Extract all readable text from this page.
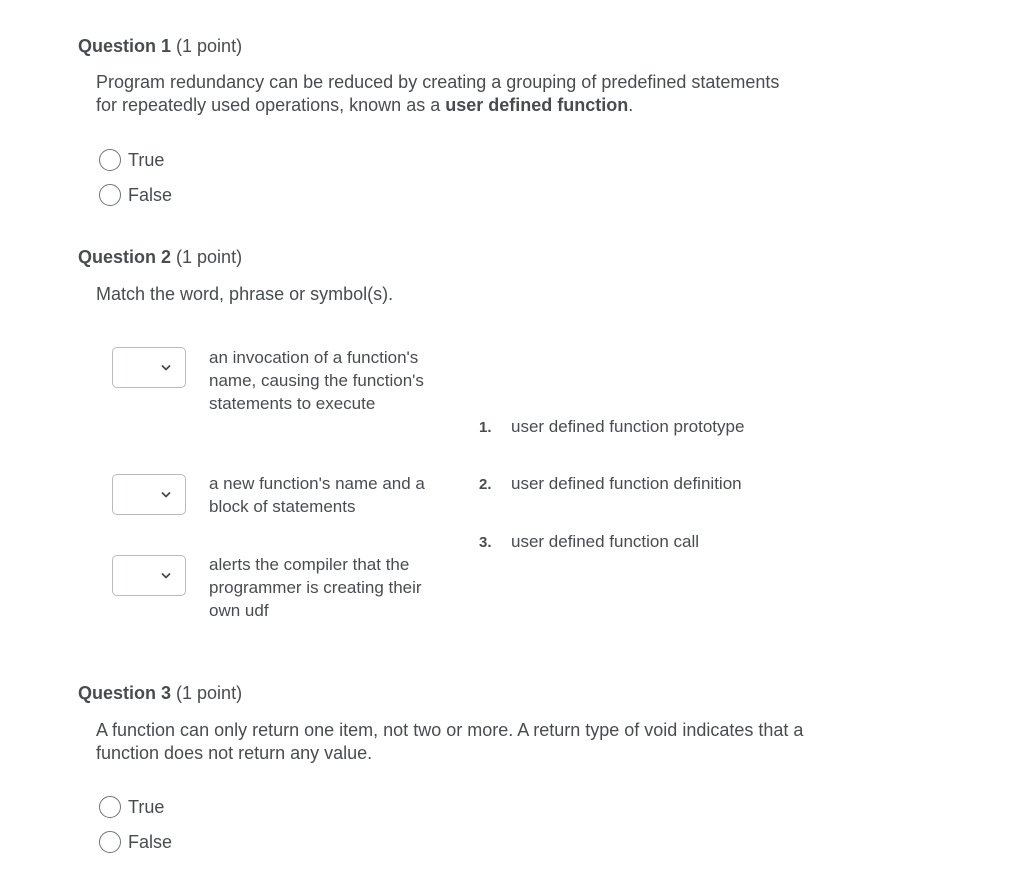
Question 1 (1 point)
Program redundancy can be reduced by creating a grouping of predefined statements for repeatedly used operations, known as a user defined function.
True
False
Question 2 (1 point)
Match the word, phrase or symbol(s).
an invocation of a function's name, causing the function's statements to execute
a new function's name and a block of statements
alerts the compiler that the programmer is creating their own udf
1. user defined function prototype
2. user defined function definition
3. user defined function call
Question 3 (1 point)
A function can only return one item, not two or more. A return type of void indicates that a function does not return any value.
True
False
